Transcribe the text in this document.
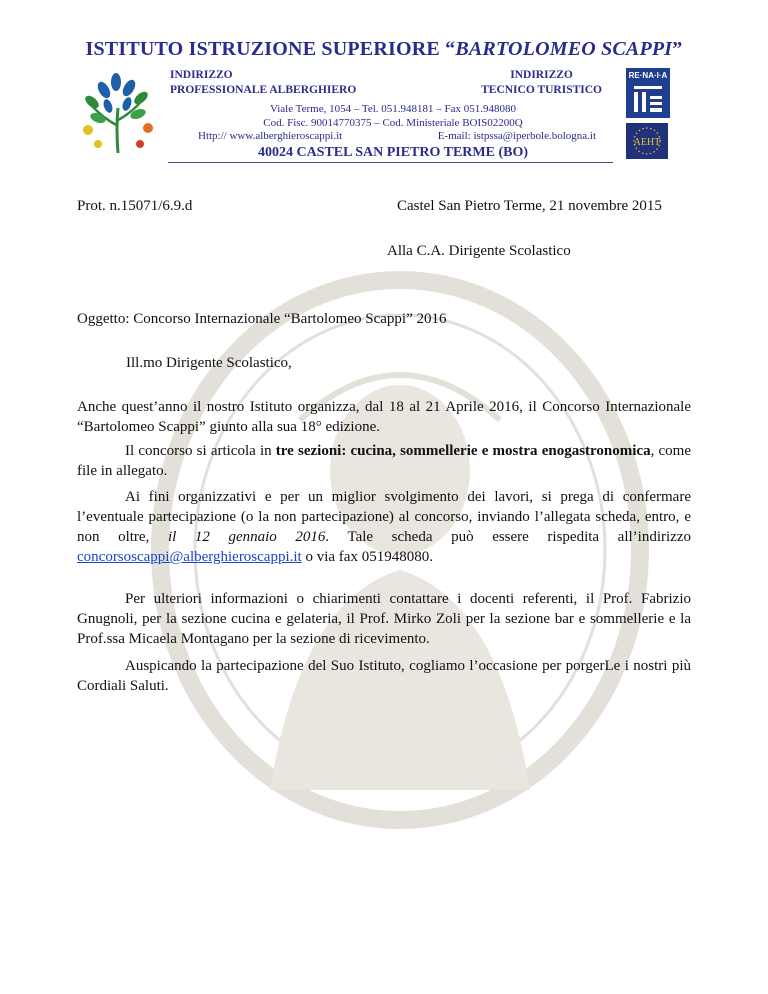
ISTITUTO ISTRUZIONE SUPERIORE “BARTOLOMEO SCAPPI”
INDIRIZZO
PROFESSIONALE ALBERGHIERO
INDIRIZZO
TECNICO TURISTICO
Viale Terme, 1054 – Tel. 051.948181 – Fax 051.948080
Cod. Fisc. 90014770375 – Cod. Ministeriale BOIS02200Q
Http:// www.alberghieroscappi.it	E-mail: istpssa@iperbole.bologna.it
40024 CASTEL SAN PIETRO TERME (BO)
RE·NA·I·A
AEHT
Prot. n.15071/6.9.d	Castel San Pietro Terme, 21 novembre 2015
Alla C.A. Dirigente Scolastico
Oggetto: Concorso Internazionale “Bartolomeo Scappi” 2016
Ill.mo Dirigente Scolastico,
Anche quest’anno il nostro Istituto organizza, dal 18 al 21 Aprile 2016, il Concorso Internazionale “Bartolomeo Scappi” giunto alla sua 18° edizione.
Il concorso si articola in tre sezioni: cucina, sommellerie e mostra enogastronomica, come file in allegato.
Ai fini organizzativi e per un miglior svolgimento dei lavori, si prega di confermare l’eventuale partecipazione (o la non partecipazione) al concorso, inviando l’allegata scheda, entro, e non oltre, il 12 gennaio 2016. Tale scheda può essere rispedita all’indirizzo concorsoscappi@alberghieroscappi.it o via fax 051948080.
Per ulteriori informazioni o chiarimenti contattare i docenti referenti, il Prof. Fabrizio Gnugnoli, per la sezione cucina e gelateria, il Prof. Mirko Zoli per la sezione bar e sommellerie e la Prof.ssa Micaela Montagano per la sezione di ricevimento.
Auspicando la partecipazione del Suo Istituto, cogliamo l’occasione per porgerLe i nostri più Cordiali Saluti.
